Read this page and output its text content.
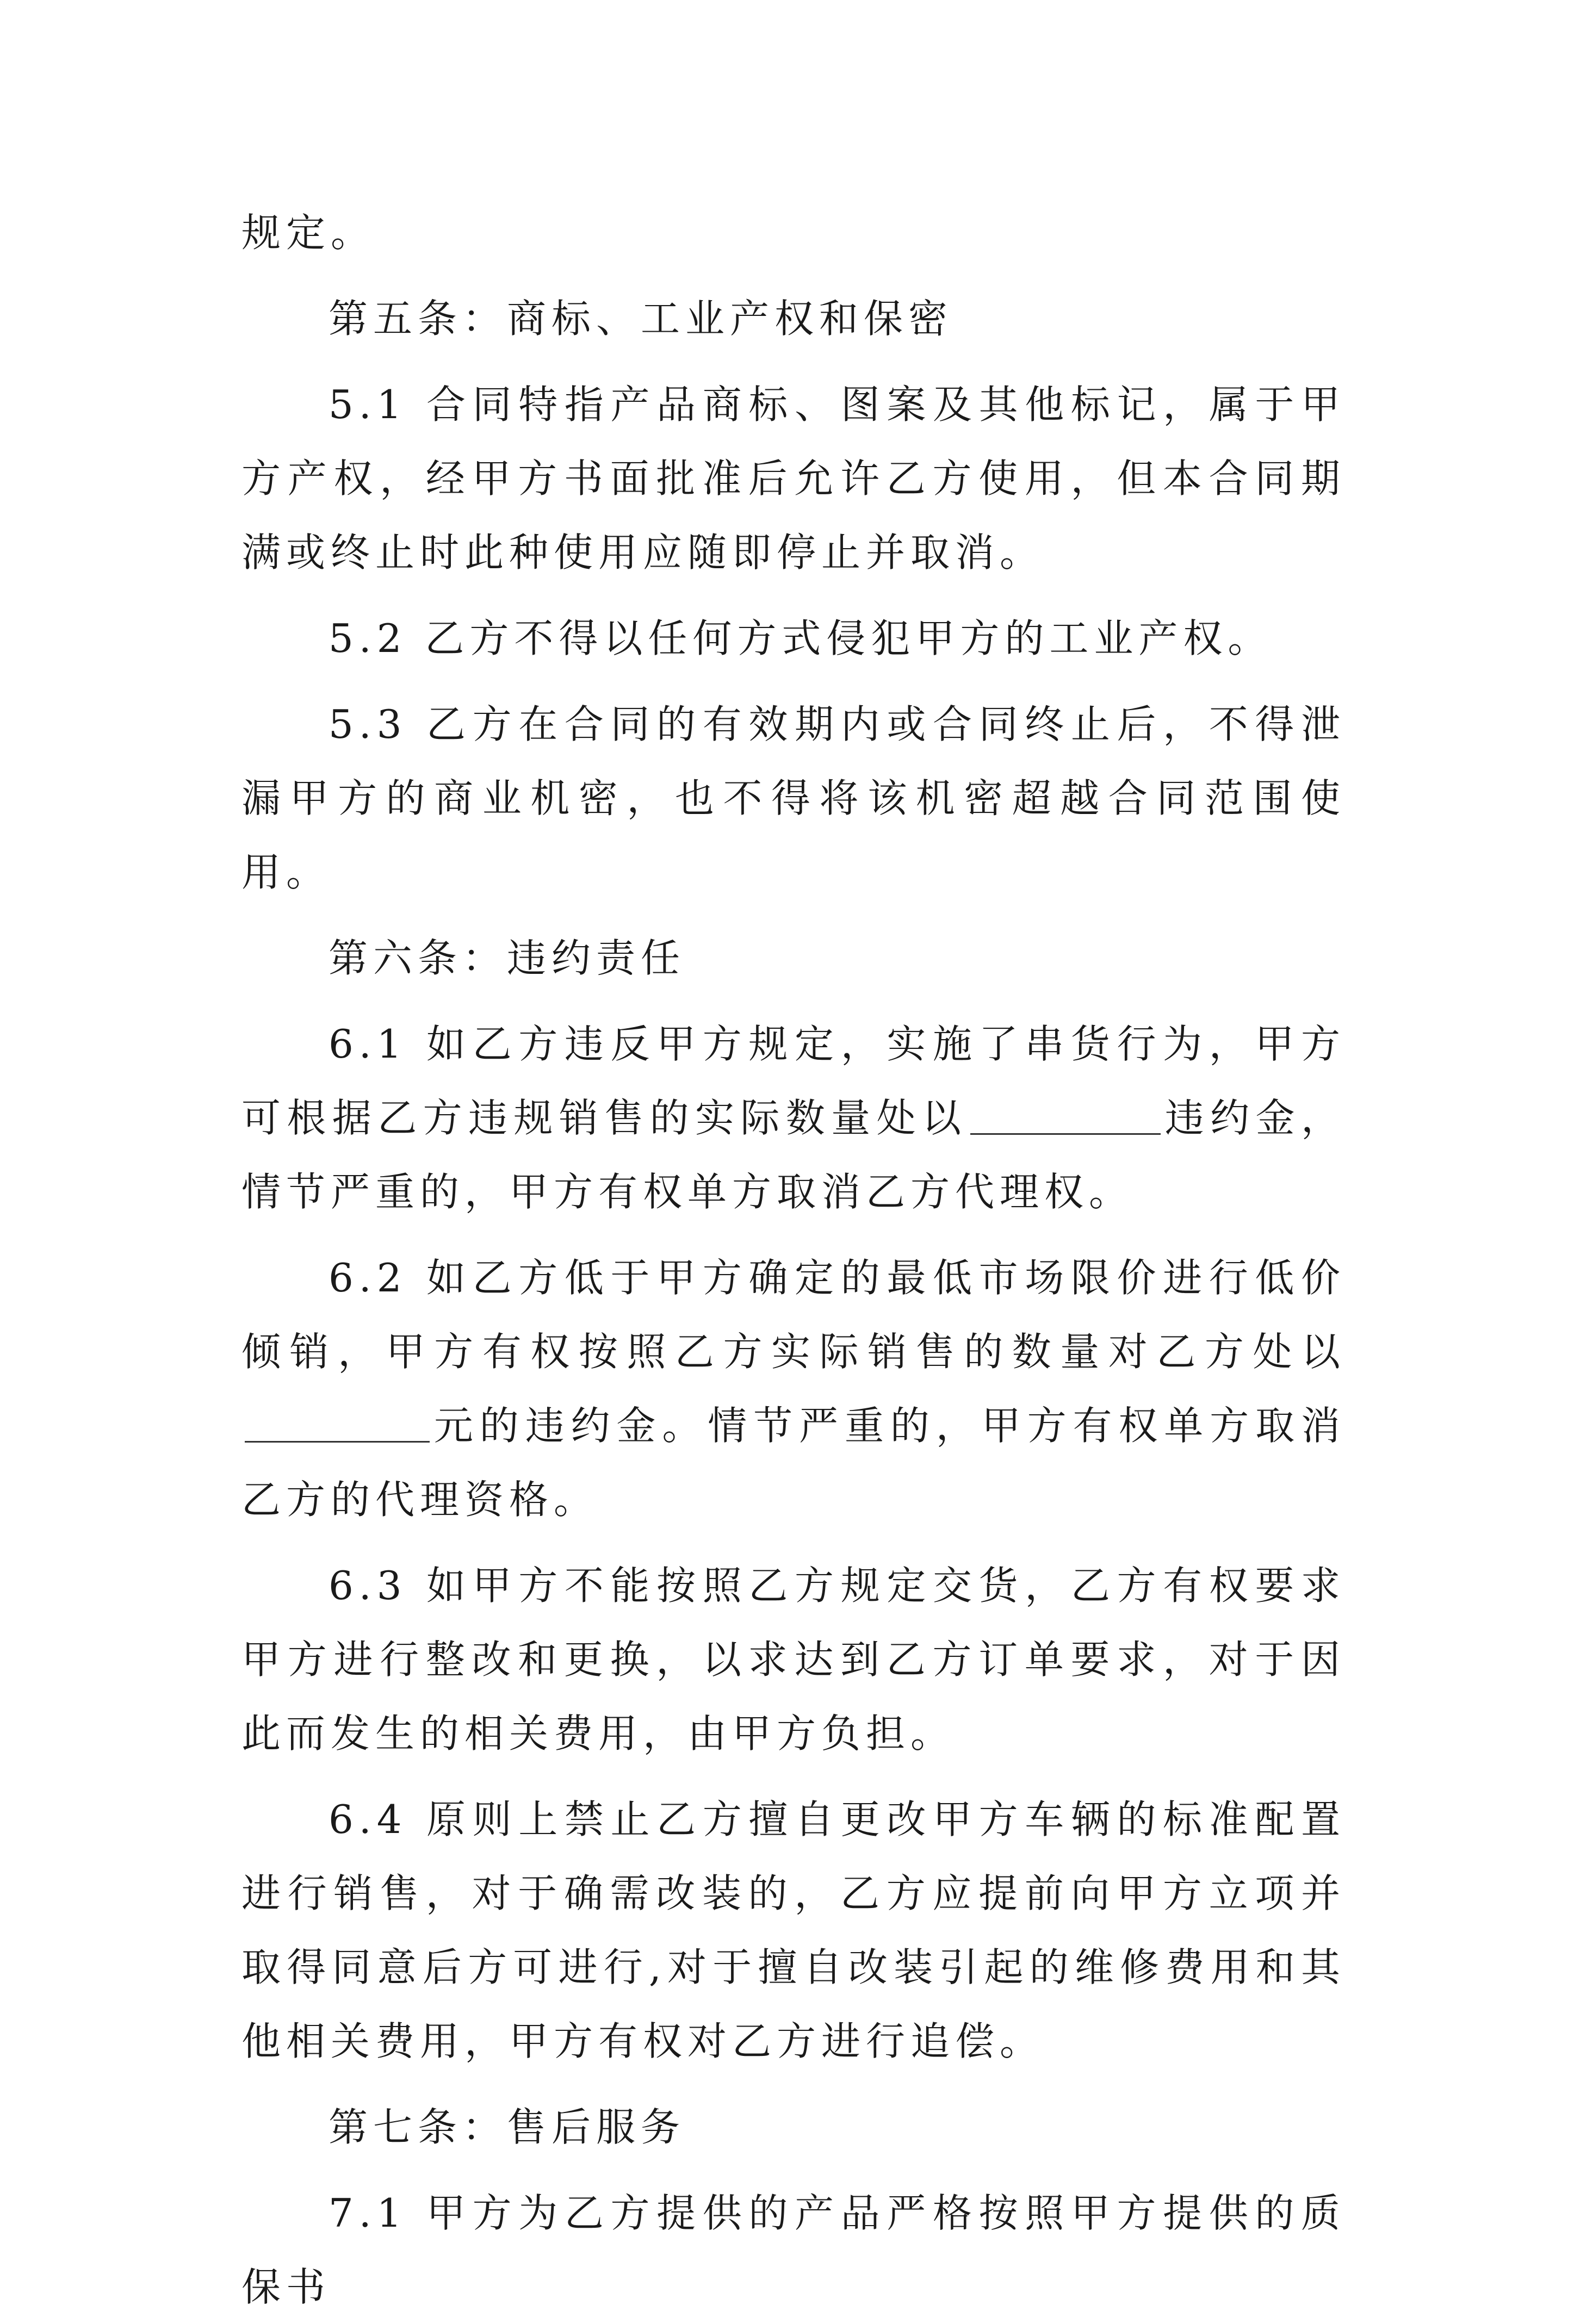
规定。

第五条：商标、工业产权和保密

5.1 合同特指产品商标、图案及其他标记，属于甲方产权，经甲方书面批准后允许乙方使用，但本合同期满或终止时此种使用应随即停止并取消。

5.2 乙方不得以任何方式侵犯甲方的工业产权。

5.3 乙方在合同的有效期内或合同终止后，不得泄漏甲方的商业机密，也不得将该机密超越合同范围使用。

第六条：违约责任

6.1 如乙方违反甲方规定，实施了串货行为，甲方可根据乙方违规销售的实际数量处以	违约金，情节严重的，甲方有权单方取消乙方代理权。

6.2 如乙方低于甲方确定的最低市场限价进行低价倾销，甲方有权按照乙方实际销售的数量对乙方处以元的违约金。情节严重的，甲方有权单方取消乙方的代理资格。

6.3 如甲方不能按照乙方规定交货，乙方有权要求甲方进行整改和更换，以求达到乙方订单要求，对于因此而发生的相关费用，由甲方负担。

6.4 原则上禁止乙方擅自更改甲方车辆的标准配置进行销售，对于确需改装的，乙方应提前向甲方立项并取得同意后方可进行,对于擅自改装引起的维修费用和其他相关费用，甲方有权对乙方进行追偿。

第七条：售后服务

7.1 甲方为乙方提供的产品严格按照甲方提供的质保书
